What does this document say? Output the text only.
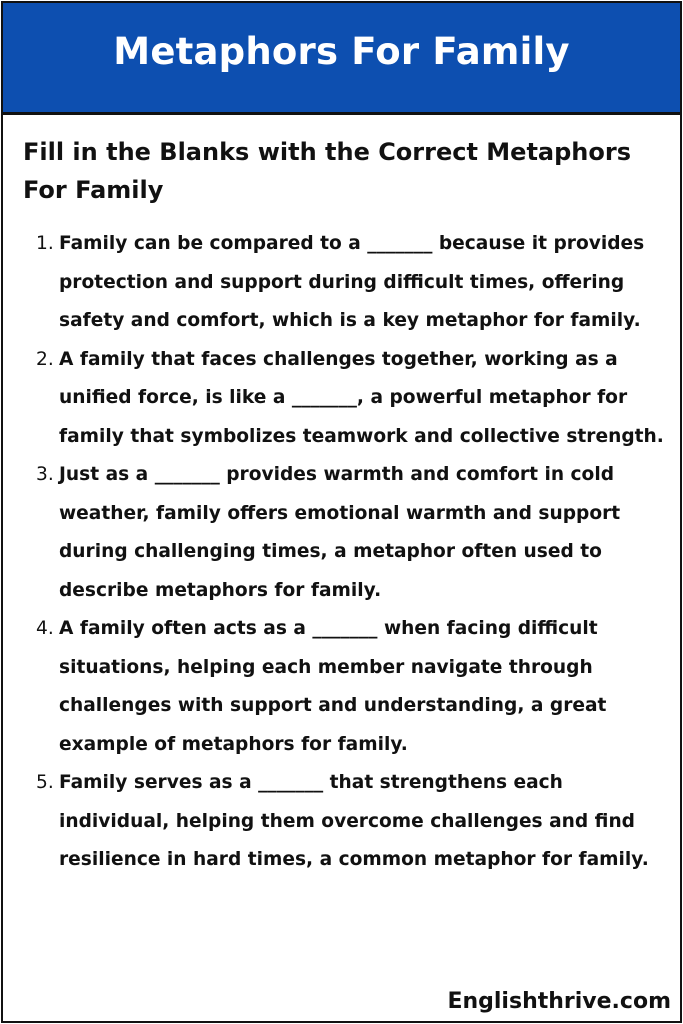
Metaphors For Family
Fill in the Blanks with the Correct Metaphors For Family
1. Family can be compared to a _______ because it provides protection and support during difficult times, offering safety and comfort, which is a key metaphor for family.
2. A family that faces challenges together, working as a unified force, is like a _______, a powerful metaphor for family that symbolizes teamwork and collective strength.
3. Just as a _______ provides warmth and comfort in cold weather, family offers emotional warmth and support during challenging times, a metaphor often used to describe metaphors for family.
4. A family often acts as a _______ when facing difficult situations, helping each member navigate through challenges with support and understanding, a great example of metaphors for family.
5. Family serves as a _______ that strengthens each individual, helping them overcome challenges and find resilience in hard times, a common metaphor for family.
Englishthrive.com
